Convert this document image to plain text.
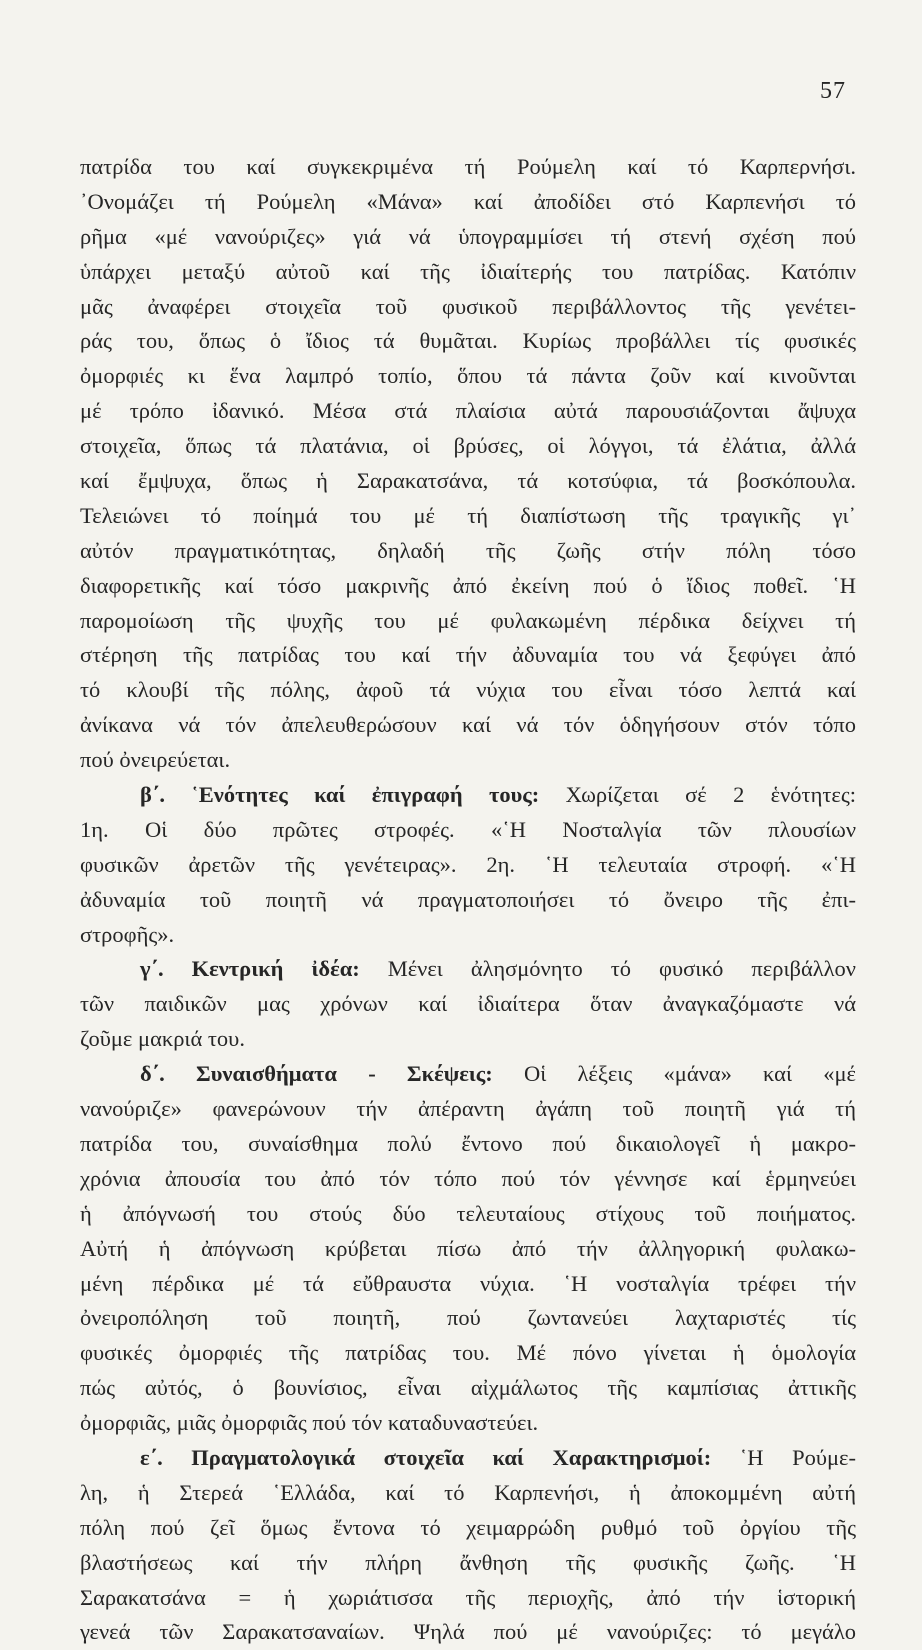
57
πατρίδα του καί συγκεκριμένα τή Ρούμελη καί τό Καρπερνήσι.
᾽Ονομάζει τή Ρούμελη «Μάνα» καί ἀποδίδει στό Καρπενήσι τό
ρῆμα «μέ νανούριζες» γιά νά ὑπογραμμίσει τή στενή σχέση πού
ὑπάρχει μεταξύ αὐτοῦ καί τῆς ἰδιαίτερής του πατρίδας. Κατόπιν
μᾶς ἀναφέρει στοιχεῖα τοῦ φυσικοῦ περιβάλλοντος τῆς γενέτει-
ράς του, ὅπως ὁ ἴδιος τά θυμᾶται. Κυρίως προβάλλει τίς φυσικές
ὀμορφιές κι ἕνα λαμπρό τοπίο, ὅπου τά πάντα ζοῦν καί κινοῦνται
μέ τρόπο ἰδανικό. Μέσα στά πλαίσια αὐτά παρουσιάζονται ἄψυχα
στοιχεῖα, ὅπως τά πλατάνια, οἱ βρύσες, οἱ λόγγοι, τά ἐλάτια, ἀλλά
καί ἔμψυχα, ὅπως ἡ Σαρακατσάνα, τά κοτσύφια, τά βοσκόπουλα.
Τελειώνει τό ποίημά του μέ τή διαπίστωση τῆς τραγικῆς γι᾽
αὐτόν πραγματικότητας, δηλαδή τῆς ζωῆς στήν πόλη τόσο
διαφορετικῆς καί τόσο μακρινῆς ἀπό ἐκείνη πού ὁ ἴδιος ποθεῖ. ῾Η
παρομοίωση τῆς ψυχῆς του μέ φυλακωμένη πέρδικα δείχνει τή
στέρηση τῆς πατρίδας του καί τήν ἀδυναμία του νά ξεφύγει ἀπό
τό κλουβί τῆς πόλης, ἀφοῦ τά νύχια του εἶναι τόσο λεπτά καί
ἀνίκανα νά τόν ἀπελευθερώσουν καί νά τόν ὁδηγήσουν στόν τόπο
πού ὀνειρεύεται.
β΄. ῾Ενότητες καί ἐπιγραφή τους: Χωρίζεται σέ 2 ἑνότητες:
1η. Οἱ δύο πρῶτες στροφές. «῾Η Νοσταλγία τῶν πλουσίων
φυσικῶν ἀρετῶν τῆς γενέτειρας». 2η. ῾Η τελευταία στροφή. «῾Η
ἀδυναμία τοῦ ποιητῆ νά πραγματοποιήσει τό ὄνειρο τῆς ἐπι-
στροφῆς».
γ΄. Κεντρική ἰδέα: Μένει ἀλησμόνητο τό φυσικό περιβάλλον
τῶν παιδικῶν μας χρόνων καί ἰδιαίτερα ὅταν ἀναγκαζόμαστε νά
ζοῦμε μακριά του.
δ΄. Συναισθήματα - Σκέψεις: Οἱ λέξεις «μάνα» καί «μέ
νανούριζε» φανερώνουν τήν ἀπέραντη ἀγάπη τοῦ ποιητῆ γιά τή
πατρίδα του, συναίσθημα πολύ ἔντονο πού δικαιολογεῖ ἡ μακρο-
χρόνια ἀπουσία του ἀπό τόν τόπο πού τόν γέννησε καί ἑρμηνεύει
ἡ ἀπόγνωσή του στούς δύο τελευταίους στίχους τοῦ ποιήματος.
Αὐτή ἡ ἀπόγνωση κρύβεται πίσω ἀπό τήν ἀλληγορική φυλακω-
μένη πέρδικα μέ τά εὔθραυστα νύχια. ῾Η νοσταλγία τρέφει τήν
ὀνειροπόληση τοῦ ποιητῆ, πού ζωντανεύει λαχταριστές τίς
φυσικές ὀμορφιές τῆς πατρίδας του. Μέ πόνο γίνεται ἡ ὁμολογία
πώς αὐτός, ὁ βουνίσιος, εἶναι αἰχμάλωτος τῆς καμπίσιας ἀττικῆς
ὀμορφιᾶς, μιᾶς ὀμορφιᾶς πού τόν καταδυναστεύει.
ε΄. Πραγματολογικά στοιχεῖα καί Χαρακτηρισμοί: ῾Η Ρούμε-
λη, ἡ Στερεά ῾Ελλάδα, καί τό Καρπενήσι, ἡ ἀποκομμένη αὐτή
πόλη πού ζεῖ ὅμως ἔντονα τό χειμαρρώδη ρυθμό τοῦ ὀργίου τῆς
βλαστήσεως καί τήν πλήρη ἄνθηση τῆς φυσικῆς ζωῆς. ῾Η
Σαρακατσάνα = ἡ χωριάτισσα τῆς περιοχῆς, ἀπό τήν ἱστορική
γενεά τῶν Σαρακατσαναίων. Ψηλά πού μέ νανούριζες: τό μεγάλο
